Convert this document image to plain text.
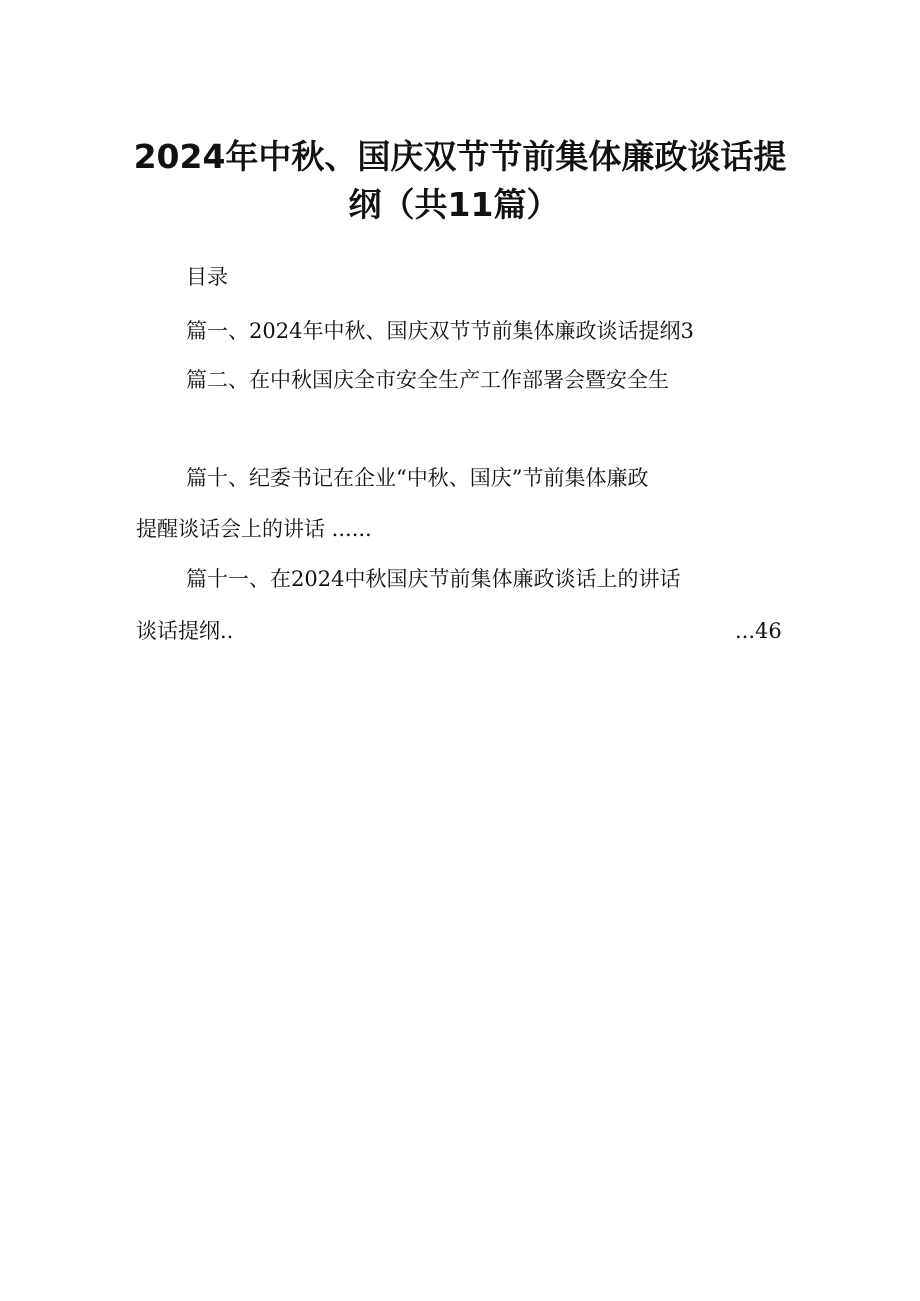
2024年中秋、国庆双节节前集体廉政谈话提
纲（共11篇）
目录
篇一、2024年中秋、国庆双节节前集体廉政谈话提纲3
篇二、在中秋国庆全市安全生产工作部署会暨安全生
篇十、纪委书记在企业“中秋、国庆”节前集体廉政
提醒谈话会上的讲话 ......
篇十一、在2024中秋国庆节前集体廉政谈话上的讲话
谈话提纲..	...46
